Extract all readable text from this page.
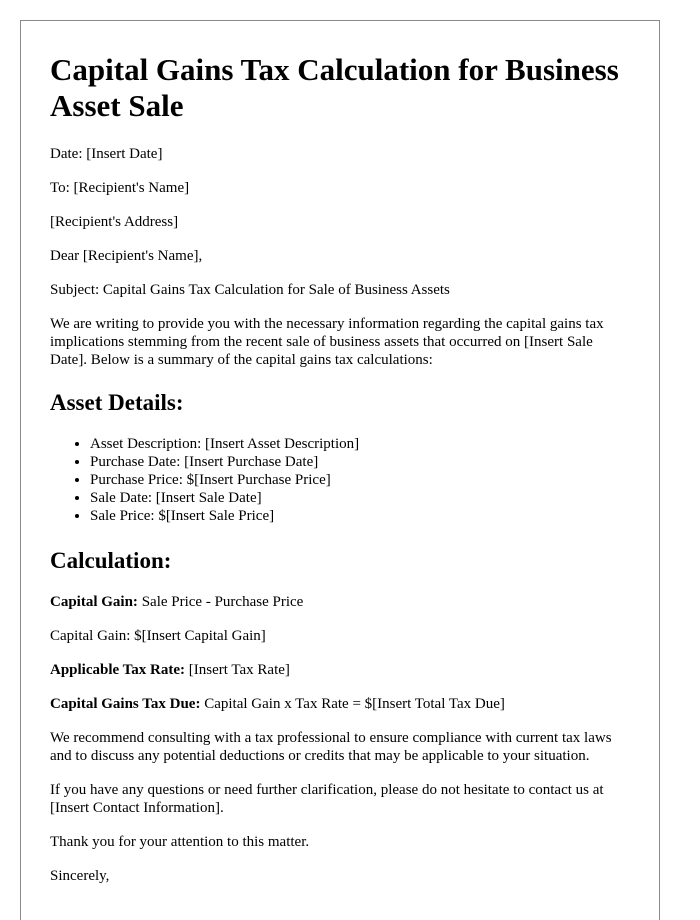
Capital Gains Tax Calculation for Business Asset Sale

Date: [Insert Date]

To: [Recipient's Name]

[Recipient's Address]

Dear [Recipient's Name],

Subject: Capital Gains Tax Calculation for Sale of Business Assets

We are writing to provide you with the necessary information regarding the capital gains tax implications stemming from the recent sale of business assets that occurred on [Insert Sale Date]. Below is a summary of the capital gains tax calculations:

Asset Details:
• Asset Description: [Insert Asset Description]
• Purchase Date: [Insert Purchase Date]
• Purchase Price: $[Insert Purchase Price]
• Sale Date: [Insert Sale Date]
• Sale Price: $[Insert Sale Price]
Calculation:

Capital Gain: Sale Price - Purchase Price

Capital Gain: $[Insert Capital Gain]

Applicable Tax Rate: [Insert Tax Rate]

Capital Gains Tax Due: Capital Gain x Tax Rate = $[Insert Total Tax Due]

We recommend consulting with a tax professional to ensure compliance with current tax laws and to discuss any potential deductions or credits that may be applicable to your situation.

If you have any questions or need further clarification, please do not hesitate to contact us at [Insert Contact Information].

Thank you for your attention to this matter.

Sincerely,
